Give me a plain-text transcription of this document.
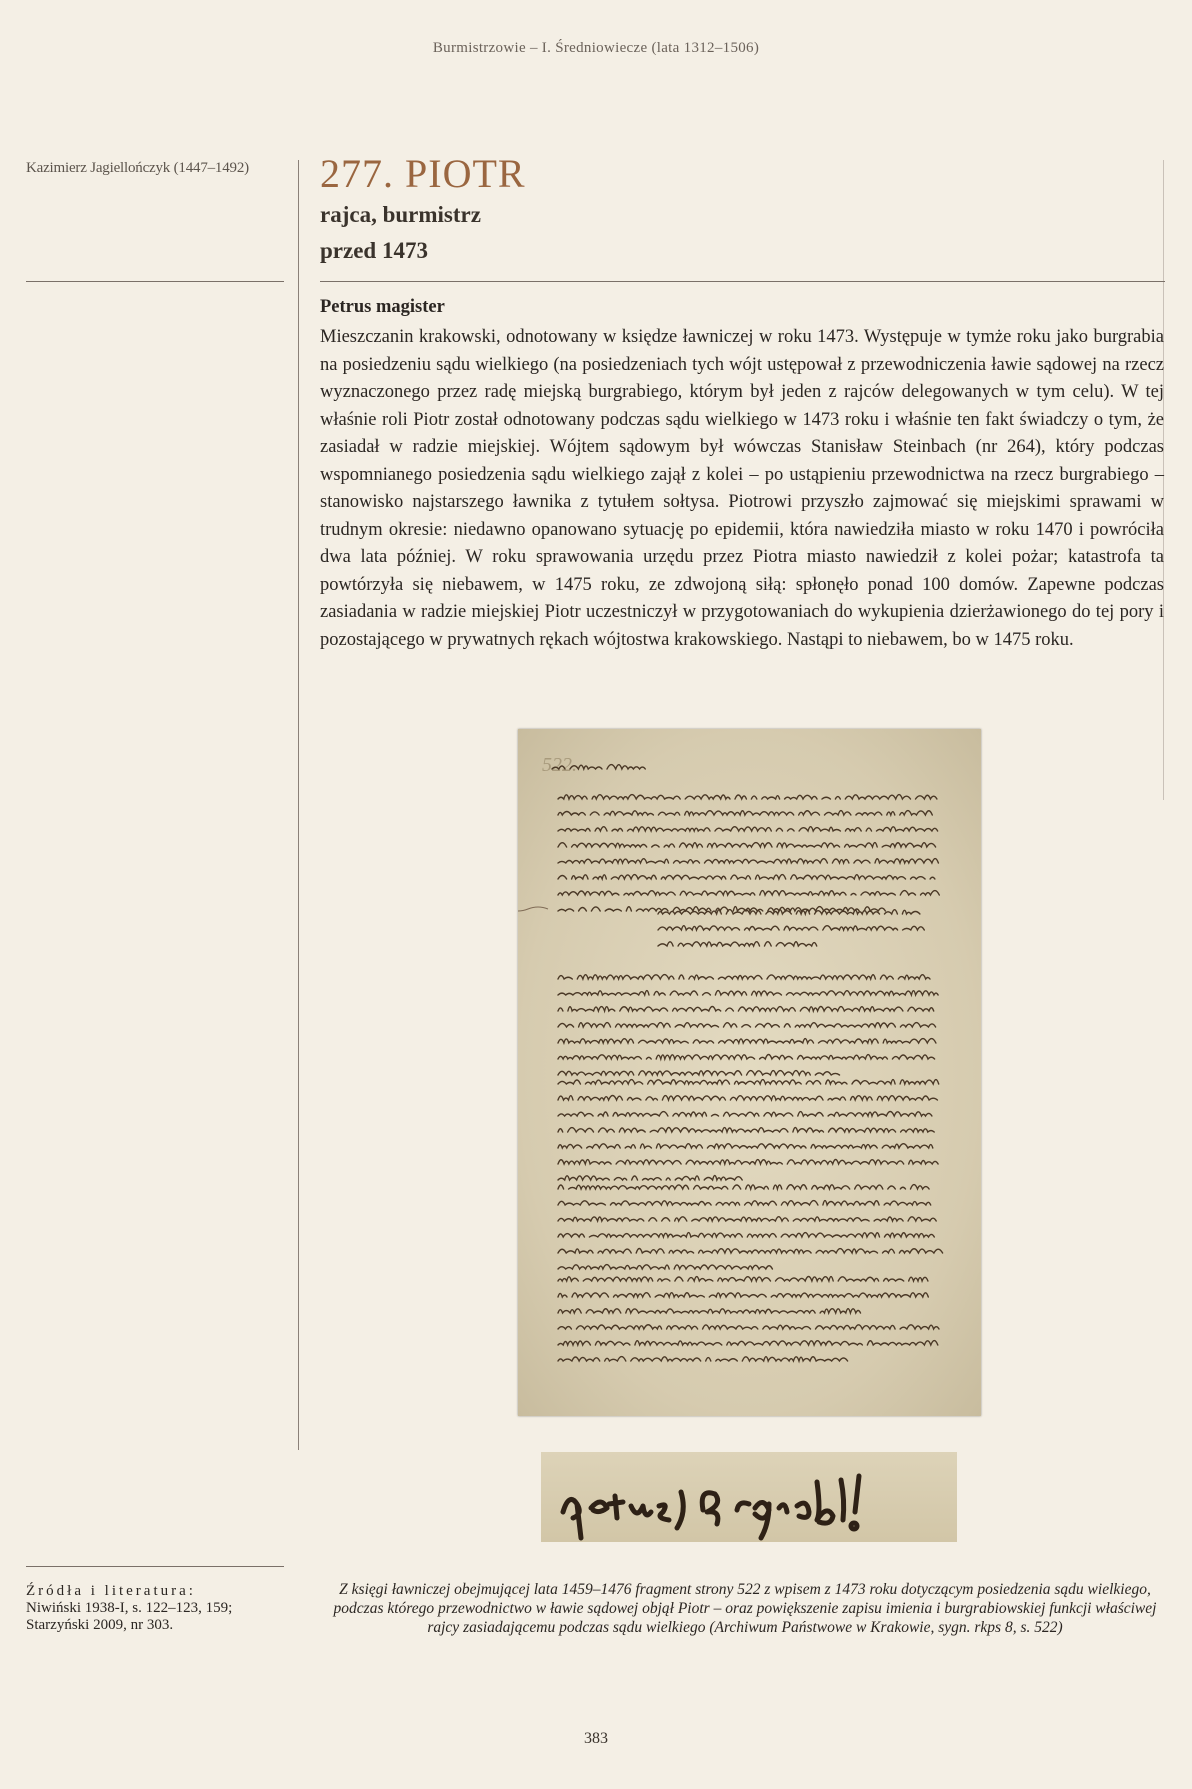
Burmistrzowie – I. Średniowiecze (lata 1312–1506)

Kazimierz Jagiellończyk (1447–1492)
Źródła i literatura:
Niwiński 1938-I, s. 122–123, 159; Starzyński 2009, nr 303.
277. PIOTR
rajca, burmistrz
przed 1473
Petrus magister
Mieszczanin krakowski, odnotowany w księdze ławniczej w roku 1473. Występuje w tymże roku jako burgrabia na posiedzeniu sądu wielkiego (na posiedzeniach tych wójt ustępował z przewodniczenia ławie sądowej na rzecz wyznaczonego przez radę miejską burgrabiego, którym był jeden z rajców delegowanych w tym celu). W tej właśnie roli Piotr został odnotowany podczas sądu wielkiego w 1473 roku i właśnie ten fakt świadczy o tym, że zasiadał w radzie miejskiej. Wójtem sądowym był wówczas Stanisław Steinbach (nr 264), który podczas wspomnianego posiedzenia sądu wielkiego zajął z kolei – po ustąpieniu przewodnictwa na rzecz burgrabiego – stanowisko najstarszego ławnika z tytułem sołtysa. Piotrowi przyszło zajmować się miejskimi sprawami w trudnym okresie: niedawno opanowano sytuację po epidemii, która nawiedziła miasto w roku 1470 i powróciła dwa lata później. W roku sprawowania urzędu przez Piotra miasto nawiedził z kolei pożar; katastrofa ta powtórzyła się niebawem, w 1475 roku, ze zdwojoną siłą: spłonęło ponad 100 domów. Zapewne podczas zasiadania w radzie miejskiej Piotr uczestniczył w przygotowaniach do wykupienia dzierżawionego do tej pory i pozostającego w prywatnych rękach wójtostwa krakowskiego. Nastąpi to niebawem, bo w 1475 roku.
522.
Z księgi ławniczej obejmującej lata 1459–1476 fragment strony 522 z wpisem z 1473 roku dotyczącym posiedzenia sądu wielkiego, podczas którego przewodnictwo w ławie sądowej objął Piotr – oraz powiększenie zapisu imienia i burgrabiowskiej funkcji właściwej rajcy zasiadającemu podczas sądu wielkiego (Archiwum Państwowe w Krakowie, sygn. rkps 8, s. 522)
383
